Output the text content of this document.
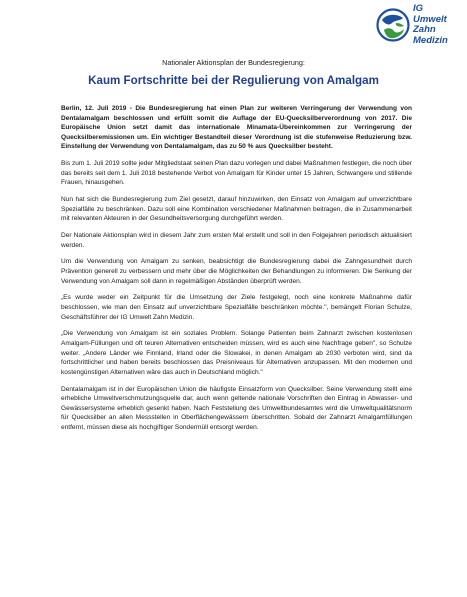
IG
Umwelt
Zahn
Medizin
Nationaler Aktionsplan der Bundesregierung:
Kaum Fortschritte bei der Regulierung von Amalgam

Berlin, 12. Juli 2019 - Die Bundesregierung hat einen Plan zur weiteren Verringerung der Verwendung von Dentalamalgam beschlossen und erfüllt somit die Auflage der EU-Quecksilberverordnung von 2017. Die Europäische Union setzt damit das internationale Minamata-Übereinkommen zur Verringerung der Quecksilberemissionen um. Ein wichtiger Bestandteil dieser Verordnung ist die stufenweise Reduzierung bzw. Einstellung der Verwendung von Dentalamalgam, das zu 50 % aus Quecksilber besteht.

Bis zum 1. Juli 2019 sollte jeder Mitgliedstaat seinen Plan dazu vorlegen und dabei Maßnahmen festlegen, die noch über das bereits seit dem 1. Juli 2018 bestehende Verbot von Amalgam für Kinder unter 15 Jahren, Schwangere und stillende Frauen, hinausgehen.

Nun hat sich die Bundesregierung zum Ziel gesetzt, darauf hinzuwirken, den Einsatz von Amalgam auf unverzichtbare Spezialfälle zu beschränken. Dazu soll eine Kombination verschiedener Maßnahmen beitragen, die in Zusammenarbeit mit relevanten Akteuren in der Gesundheitsversorgung durchgeführt werden.

Der Nationale Aktionsplan wird in diesem Jahr zum ersten Mal erstellt und soll in den Folgejahren periodisch aktualisiert werden.

Um die Verwendung von Amalgam zu senken, beabsichtigt die Bundesregierung dabei die Zahngesundheit durch Prävention generell zu verbessern und mehr über die Möglichkeiten der Behandlungen zu informieren. Die Senkung der Verwendung von Amalgam soll dann in regelmäßigen Abständen überprüft werden.

„Es wurde weder ein Zeitpunkt für die Umsetzung der Ziele festgelegt, noch eine konkrete Maßnahme dafür beschlossen, wie man den Einsatz auf unverzichtbare Spezialfälle beschränken möchte.", bemängelt Florian Schulze, Geschäftsführer der IG Umwelt Zahn Medizin.

„Die Verwendung von Amalgam ist ein soziales Problem. Solange Patienten beim Zahnarzt zwischen kostenlosen Amalgam-Füllungen und oft teuren Alternativen entscheiden müssen, wird es auch eine Nachfrage geben", so Schulze weiter. „Andere Länder wie Finnland, Irland oder die Slowakei, in denen Amalgam ab 2030 verboten wird, sind da fortschrittlicher und haben bereits beschlossen das Preisniveaus für Alternativen anzupassen. Mit den modernen und kostengünstigen Alternativen wäre das auch in Deutschland möglich."

Dentalamalgam ist in der Europäischen Union die häufigste Einsatzform von Quecksilber. Seine Verwendung stellt eine erhebliche Umweltverschmutzungsquelle dar, auch wenn geltende nationale Vorschriften den Eintrag in Abwasser- und Gewässersysteme erheblich gesenkt haben. Nach Feststellung des Umweltbundesamtes wird die Umweltqualitätsnorm für Quecksilber an allen Messstellen in Oberflächengewässern überschritten. Sobald der Zahnarzt Amalgamfüllungen entfernt, müssen diese als hochgiftiger Sondermüll entsorgt werden.
